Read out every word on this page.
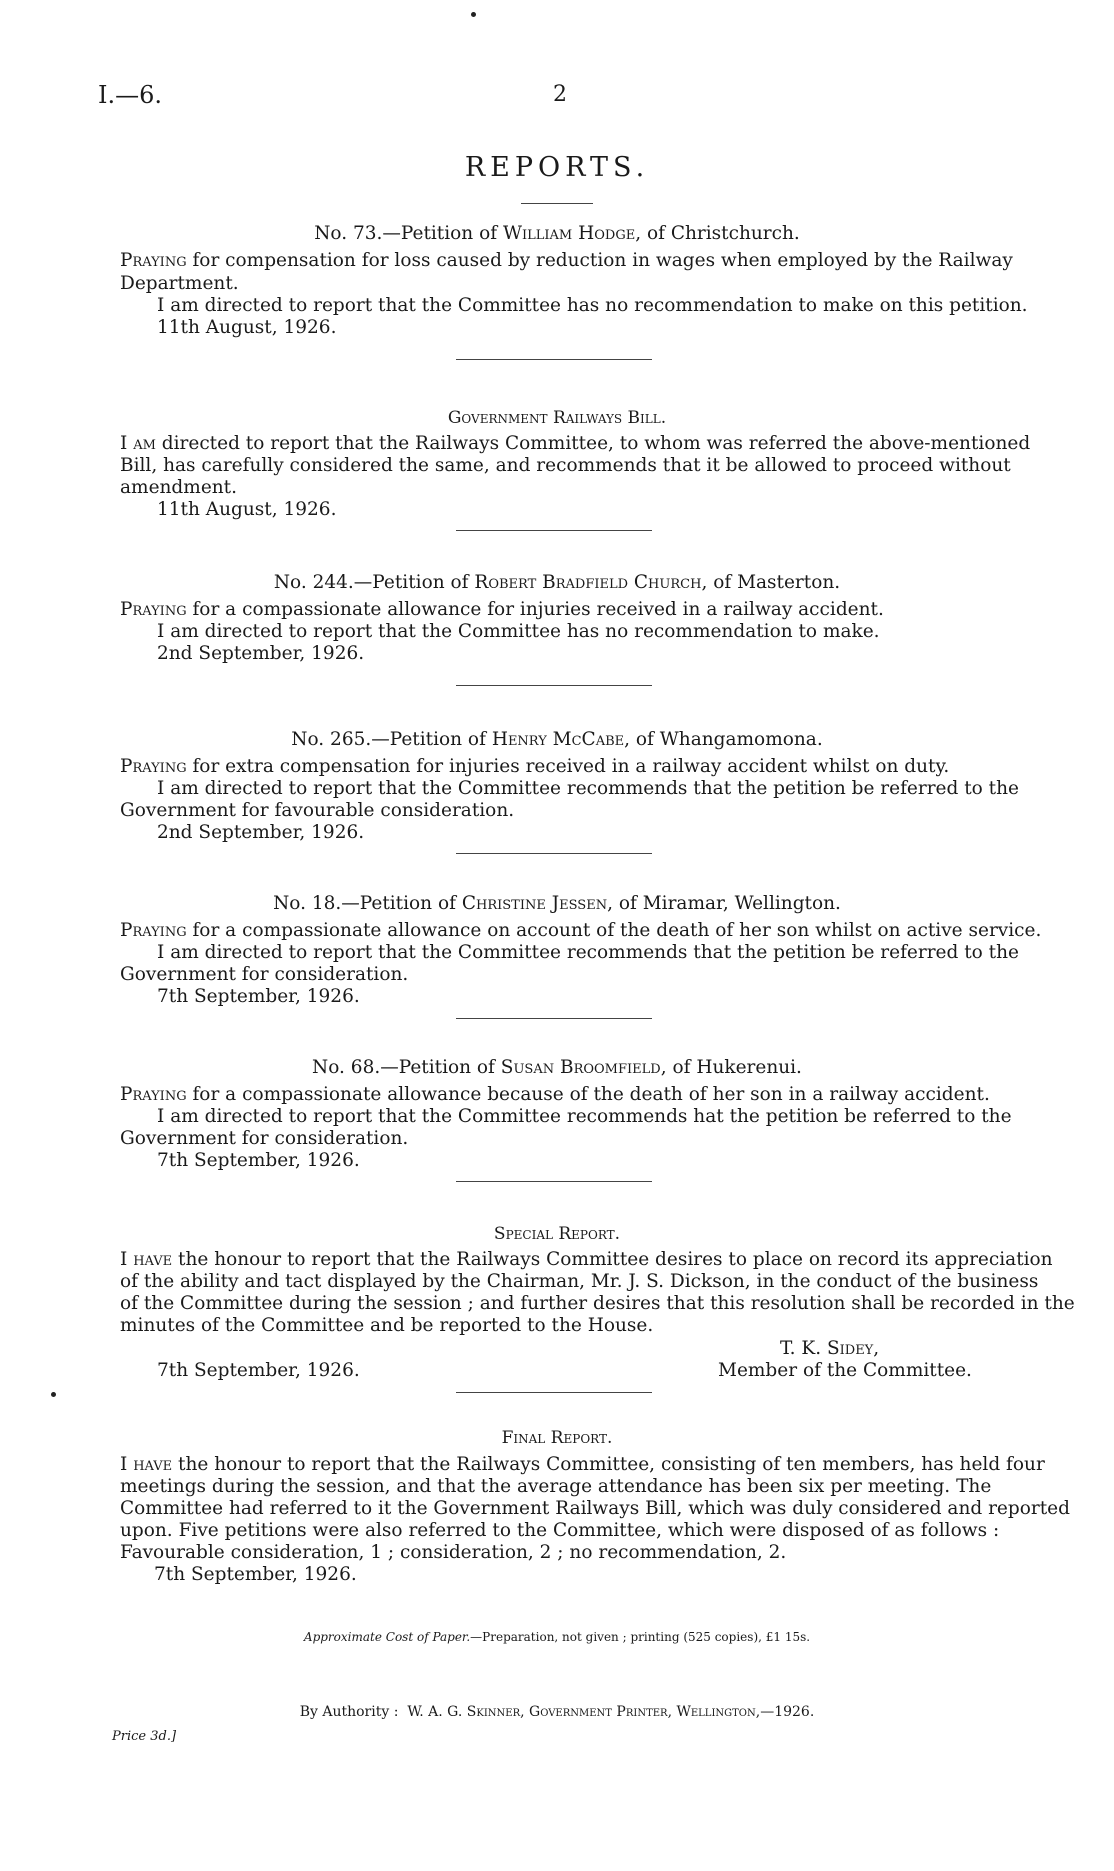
I.—6.	2
REPORTS.
No. 73.—Petition of William Hodge, of Christchurch.
Praying for compensation for loss caused by reduction in wages when employed by the Railway
Department.
I am directed to report that the Committee has no recommendation to make on this petition.
11th August, 1926.
Government Railways Bill.
I am directed to report that the Railways Committee, to whom was referred the above-mentioned
Bill, has carefully considered the same, and recommends that it be allowed to proceed without
amendment.
11th August, 1926.
No. 244.—Petition of Robert Bradfield Church, of Masterton.
Praying for a compassionate allowance for injuries received in a railway accident.
I am directed to report that the Committee has no recommendation to make.
2nd September, 1926.
No. 265.—Petition of Henry McCabe, of Whangamomona.
Praying for extra compensation for injuries received in a railway accident whilst on duty.
I am directed to report that the Committee recommends that the petition be referred to the
Government for favourable consideration.
2nd September, 1926.
No. 18.—Petition of Christine Jessen, of Miramar, Wellington.
Praying for a compassionate allowance on account of the death of her son whilst on active service.
I am directed to report that the Committee recommends that the petition be referred to the
Government for consideration.
7th September, 1926.
No. 68.—Petition of Susan Broomfield, of Hukerenui.
Praying for a compassionate allowance because of the death of her son in a railway accident.
I am directed to report that the Committee recommends hat the petition be referred to the
Government for consideration.
7th September, 1926.
Special Report.
I have the honour to report that the Railways Committee desires to place on record its appreciation
of the ability and tact displayed by the Chairman, Mr. J. S. Dickson, in the conduct of the business
of the Committee during the session ; and further desires that this resolution shall be recorded in the
minutes of the Committee and be reported to the House.
T. K. Sidey,
7th September, 1926.	Member of the Committee.
Final Report.
I have the honour to report that the Railways Committee, consisting of ten members, has held four
meetings during the session, and that the average attendance has been six per meeting. The
Committee had referred to it the Government Railways Bill, which was duly considered and reported
upon. Five petitions were also referred to the Committee, which were disposed of as follows :
Favourable consideration, 1 ; consideration, 2 ; no recommendation, 2.
7th September, 1926.
Approximate Cost of Paper.—Preparation, not given ; printing (525 copies), £1 15s.
By Authority : W. A. G. Skinner, Government Printer, Wellington,—1926.
Price 3d.]
